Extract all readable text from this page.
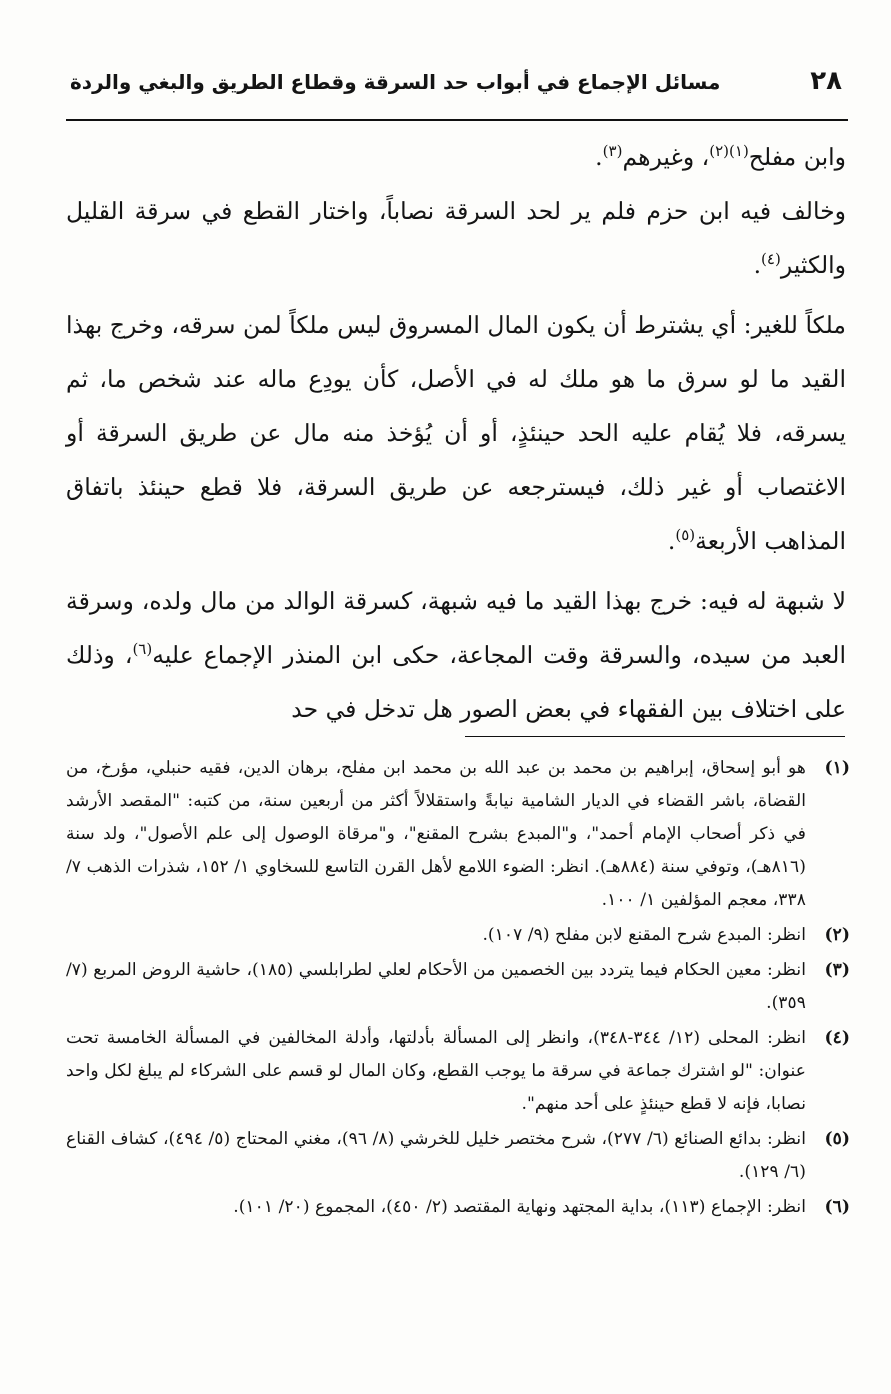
٢٨
مسائل الإجماع في أبواب حد السرقة وقطاع الطريق والبغي والردة

وابن مفلح$^{(١)(٢)}$، وغيرهم$^{(٣)}$.

وخالف فيه ابن حزم فلم ير لحد السرقة نصاباً، واختار القطع في سرقة القليل والكثير$^{(٤)}$.

ملكاً للغير: أي يشترط أن يكون المال المسروق ليس ملكاً لمن سرقه، وخرج بهذا القيد ما لو سرق ما هو ملك له في الأصل، كأن يودِع ماله عند شخص ما، ثم يسرقه، فلا يُقام عليه الحد حينئذٍ، أو أن يُؤخذ منه مال عن طريق السرقة أو الاغتصاب أو غير ذلك، فيسترجعه عن طريق السرقة، فلا قطع حينئذ باتفاق المذاهب الأربعة$^{(٥)}$.

لا شبهة له فيه: خرج بهذا القيد ما فيه شبهة، كسرقة الوالد من مال ولده، وسرقة العبد من سيده، والسرقة وقت المجاعة، حكى ابن المنذر الإجماع عليه$^{(٦)}$، وذلك على اختلاف بين الفقهاء في بعض الصور هل تدخل في حد

(١)
هو أبو إسحاق، إبراهيم بن محمد بن عبد الله بن محمد ابن مفلح، برهان الدين، فقيه حنبلي، مؤرخ، من القضاة، باشر القضاء في الديار الشامية نيابةً واستقلالاً أكثر من أربعين سنة، من كتبه: "المقصد الأرشد في ذكر أصحاب الإمام أحمد"، و"المبدع بشرح المقنع"، و"مرقاة الوصول إلى علم الأصول"، ولد سنة (٨١٦هـ)، وتوفي سنة (٨٨٤هـ). انظر: الضوء اللامع لأهل القرن التاسع للسخاوي ١/ ١٥٢، شذرات الذهب ٧/ ٣٣٨، معجم المؤلفين ١/ ١٠٠.
(٢)
انظر: المبدع شرح المقنع لابن مفلح (٩/ ١٠٧).
(٣)
انظر: معين الحكام فيما يتردد بين الخصمين من الأحكام لعلي لطرابلسي (١٨٥)، حاشية الروض المربع (٧/ ٣٥٩).
(٤)
انظر: المحلى (١٢/ ٣٤٤-٣٤٨)، وانظر إلى المسألة بأدلتها، وأدلة المخالفين في المسألة الخامسة تحت عنوان: "لو اشترك جماعة في سرقة ما يوجب القطع، وكان المال لو قسم على الشركاء لم يبلغ لكل واحد نصابا، فإنه لا قطع حينئذٍ على أحد منهم".
(٥)
انظر: بدائع الصنائع (٦/ ٢٧٧)، شرح مختصر خليل للخرشي (٨/ ٩٦)، مغني المحتاج (٥/ ٤٩٤)، كشاف القناع (٦/ ١٢٩).
(٦)
انظر: الإجماع (١١٣)، بداية المجتهد ونهاية المقتصد (٢/ ٤٥٠)، المجموع (٢٠/ ١٠١).
